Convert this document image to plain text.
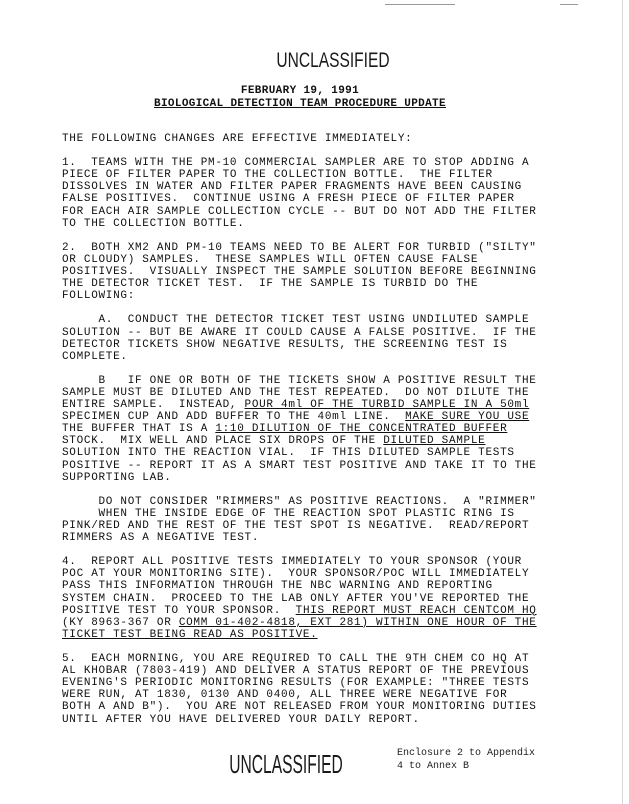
UNCLASSIFIED
FEBRUARY 19, 1991
BIOLOGICAL DETECTION TEAM PROCEDURE UPDATE
THE FOLLOWING CHANGES ARE EFFECTIVE IMMEDIATELY:
1.  TEAMS WITH THE PM-10 COMMERCIAL SAMPLER ARE TO STOP ADDING A
PIECE OF FILTER PAPER TO THE COLLECTION BOTTLE.  THE FILTER
DISSOLVES IN WATER AND FILTER PAPER FRAGMENTS HAVE BEEN CAUSING
FALSE POSITIVES.  CONTINUE USING A FRESH PIECE OF FILTER PAPER
FOR EACH AIR SAMPLE COLLECTION CYCLE -- BUT DO NOT ADD THE FILTER
TO THE COLLECTION BOTTLE.
2.  BOTH XM2 AND PM-10 TEAMS NEED TO BE ALERT FOR TURBID ("SILTY"
OR CLOUDY) SAMPLES.  THESE SAMPLES WILL OFTEN CAUSE FALSE
POSITIVES.  VISUALLY INSPECT THE SAMPLE SOLUTION BEFORE BEGINNING
THE DETECTOR TICKET TEST.  IF THE SAMPLE IS TURBID DO THE
FOLLOWING:
A.  CONDUCT THE DETECTOR TICKET TEST USING UNDILUTED SAMPLE
SOLUTION -- BUT BE AWARE IT COULD CAUSE A FALSE POSITIVE.  IF THE
DETECTOR TICKETS SHOW NEGATIVE RESULTS, THE SCREENING TEST IS
COMPLETE.
B   IF ONE OR BOTH OF THE TICKETS SHOW A POSITIVE RESULT THE
SAMPLE MUST BE DILUTED AND THE TEST REPEATED.  DO NOT DILUTE THE
ENTIRE SAMPLE.  INSTEAD, POUR 4ml OF THE TURBID SAMPLE IN A 50ml
SPECIMEN CUP AND ADD BUFFER TO THE 40ml LINE.  MAKE SURE YOU USE
THE BUFFER THAT IS A 1:10 DILUTION OF THE CONCENTRATED BUFFER
STOCK.  MIX WELL AND PLACE SIX DROPS OF THE DILUTED SAMPLE
SOLUTION INTO THE REACTION VIAL.  IF THIS DILUTED SAMPLE TESTS
POSITIVE -- REPORT IT AS A SMART TEST POSITIVE AND TAKE IT TO THE
SUPPORTING LAB.
DO NOT CONSIDER "RIMMERS" AS POSITIVE REACTIONS.  A "RIMMER"
WHEN THE INSIDE EDGE OF THE REACTION SPOT PLASTIC RING IS
PINK/RED AND THE REST OF THE TEST SPOT IS NEGATIVE.  READ/REPORT
RIMMERS AS A NEGATIVE TEST.
4.  REPORT ALL POSITIVE TESTS IMMEDIATELY TO YOUR SPONSOR (YOUR
POC AT YOUR MONITORING SITE).  YOUR SPONSOR/POC WILL IMMEDIATELY
PASS THIS INFORMATION THROUGH THE NBC WARNING AND REPORTING
SYSTEM CHAIN.  PROCEED TO THE LAB ONLY AFTER YOU'VE REPORTED THE
POSITIVE TEST TO YOUR SPONSOR.  THIS REPORT MUST REACH CENTCOM HQ
(KY 8963-367 OR COMM 01-402-4818, EXT 281) WITHIN ONE HOUR OF THE
TICKET TEST BEING READ AS POSITIVE.
5.  EACH MORNING, YOU ARE REQUIRED TO CALL THE 9TH CHEM CO HQ AT
AL KHOBAR (7803-419) AND DELIVER A STATUS REPORT OF THE PREVIOUS
EVENING'S PERIODIC MONITORING RESULTS (FOR EXAMPLE: "THREE TESTS
WERE RUN, AT 1830, 0130 AND 0400, ALL THREE WERE NEGATIVE FOR
BOTH A AND B").  YOU ARE NOT RELEASED FROM YOUR MONITORING DUTIES
UNTIL AFTER YOU HAVE DELIVERED YOUR DAILY REPORT.
UNCLASSIFIED	Enclosure 2 to Appendix
4 to Annex B
